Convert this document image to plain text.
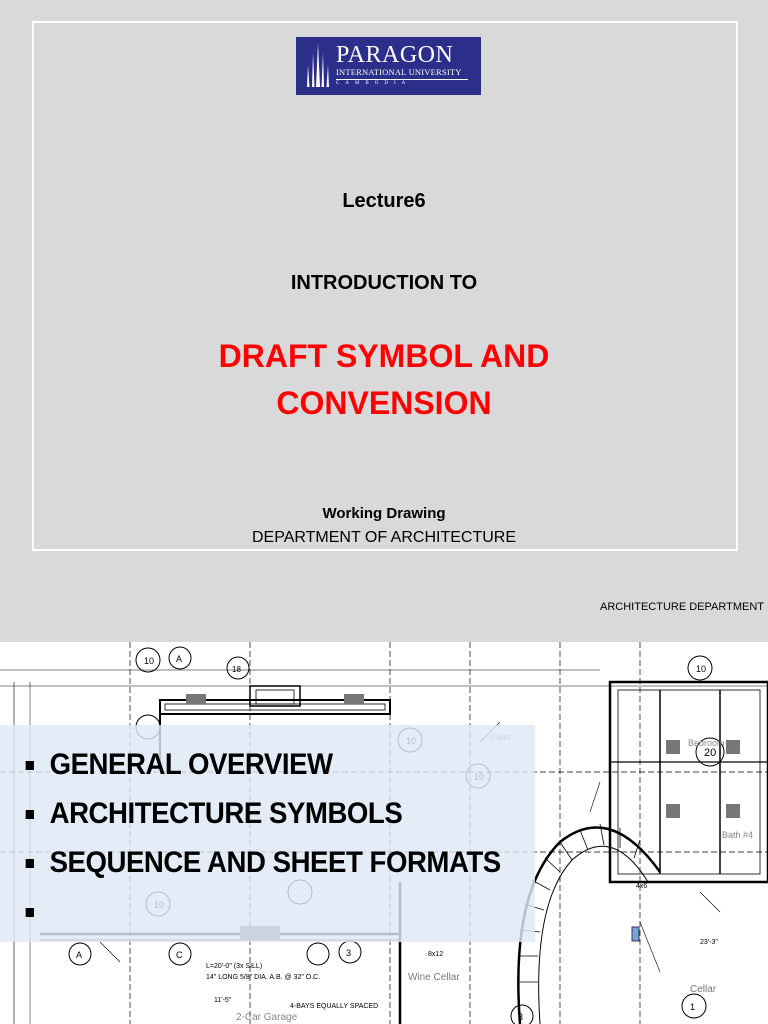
PARAGON
INTERNATIONAL UNIVERSITY
CAMBODIA
Lecture6
INTRODUCTION TO
DRAFT SYMBOL AND
CONVENSION
Working Drawing
DEPARTMENT OF ARCHITECTURE
ARCHITECTURE DEPARTMENT
10 A
18
A	C	3
10
20
3
1
Bedroom
Bath #4
Wine Cellar
Cellar
2-Car Garage
L=20'-0" (3x SILL)
14" LONG 5/8" DIA. A.B. @ 32" O.C.
4-BAYS EQUALLY SPACED
11'-5"
23'-3"
8x12
4x6
GENERAL OVERVIEW
ARCHITECTURE SYMBOLS
SEQUENCE AND SHEET FORMATS
